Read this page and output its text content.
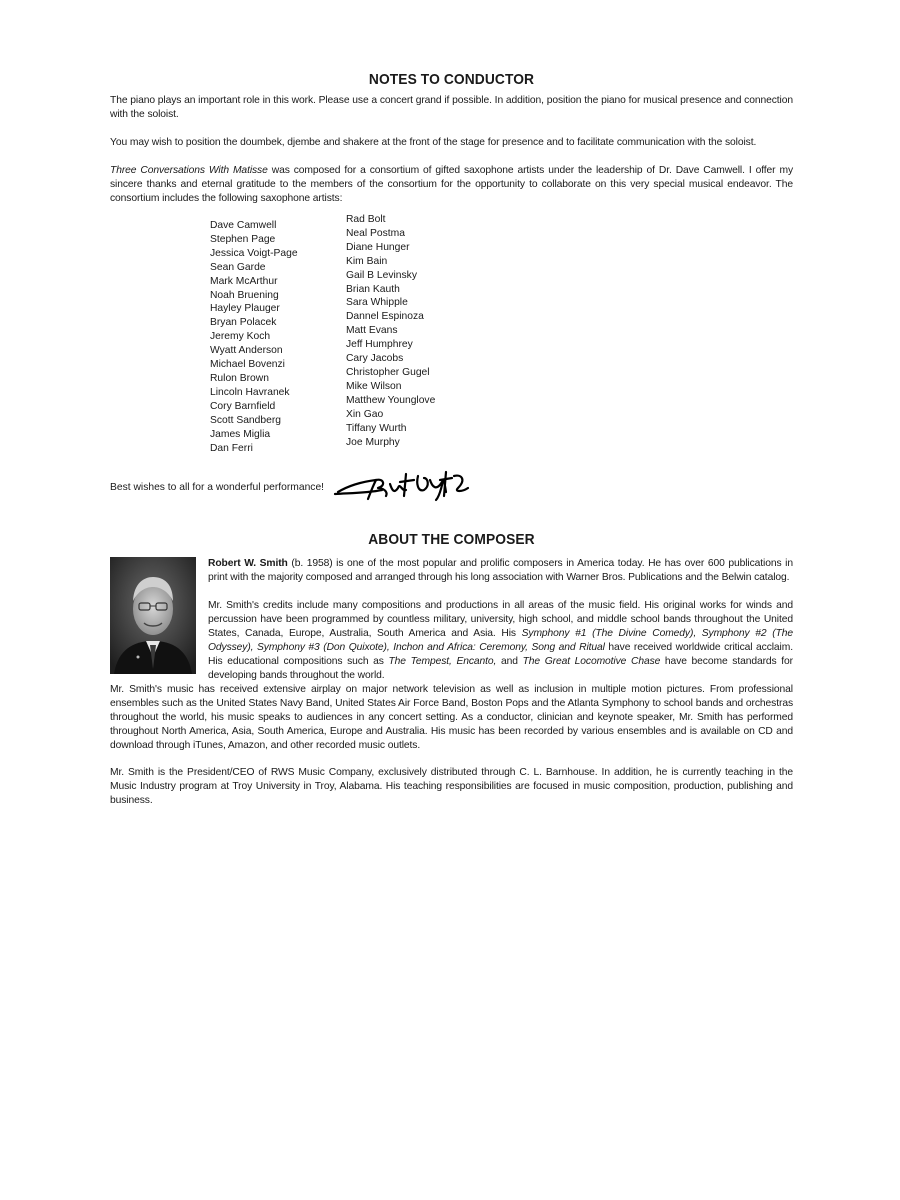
NOTES TO CONDUCTOR

The piano plays an important role in this work. Please use a concert grand if possible. In addition, position the piano for musical presence and connection with the soloist.

You may wish to position the doumbek, djembe and shakere at the front of the stage for presence and to facilitate communication with the soloist.

Three Conversations With Matisse was composed for a consortium of gifted saxophone artists under the leadership of Dr. Dave Camwell. I offer my sincere thanks and eternal gratitude to the members of the consortium for the opportunity to collaborate on this very special musical endeavor. The consortium includes the following saxophone artists:

Dave Camwell
Stephen Page
Jessica Voigt-Page
Sean Garde
Mark McArthur
Noah Bruening
Hayley Plauger
Bryan Polacek
Jeremy Koch
Wyatt Anderson
Michael Bovenzi
Rulon Brown
Lincoln Havranek
Cory Barnfield
Scott Sandberg
James Miglia
Dan Ferri
Rad Bolt
Neal Postma
Diane Hunger
Kim Bain
Gail B Levinsky
Brian Kauth
Sara Whipple
Dannel Espinoza
Matt Evans
Jeff Humphrey
Cary Jacobs
Christopher Gugel
Mike Wilson
Matthew Younglove
Xin Gao
Tiffany Wurth
Joe Murphy
Best wishes to all for a wonderful performance!
ABOUT THE COMPOSER

Robert W. Smith (b. 1958) is one of the most popular and prolific composers in America today. He has over 600 publications in print with the majority composed and arranged through his long association with Warner Bros. Publications and the Belwin catalog.

Mr. Smith's credits include many compositions and productions in all areas of the music field. His original works for winds and percussion have been programmed by countless military, university, high school, and middle school bands throughout the United States, Canada, Europe, Australia, South America and Asia. His Symphony #1 (The Divine Comedy), Symphony #2 (The Odyssey), Symphony #3 (Don Quixote), Inchon and Africa: Ceremony, Song and Ritual have received worldwide critical acclaim. His educational compositions such as The Tempest, Encanto, and The Great Locomotive Chase have become standards for developing bands throughout the world.

Mr. Smith's music has received extensive airplay on major network television as well as inclusion in multiple motion pictures. From professional ensembles such as the United States Navy Band, United States Air Force Band, Boston Pops and the Atlanta Symphony to school bands and orchestras throughout the world, his music speaks to audiences in any concert setting. As a conductor, clinician and keynote speaker, Mr. Smith has performed throughout North America, Asia, South America, Europe and Australia. His music has been recorded by various ensembles and is available on CD and download through iTunes, Amazon, and other recorded music outlets.

Mr. Smith is the President/CEO of RWS Music Company, exclusively distributed through C. L. Barnhouse. In addition, he is currently teaching in the Music Industry program at Troy University in Troy, Alabama. His teaching responsibilities are focused in music composition, production, publishing and business.
